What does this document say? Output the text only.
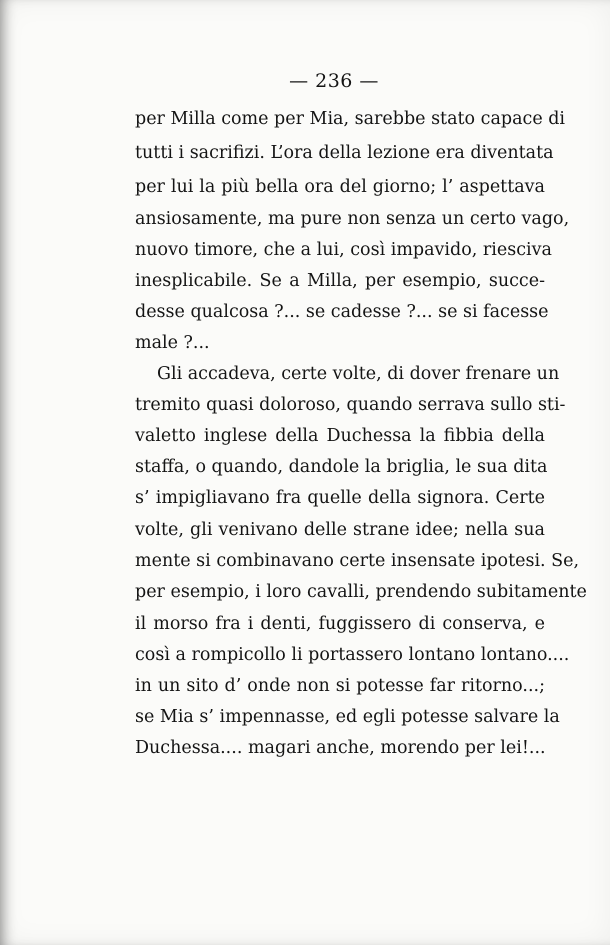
— 236 —
per Milla come per Mia, sarebbe stato capace di
tutti i sacrifizi. L’ora della lezione era diventata
per lui la più bella ora del giorno; l’ aspettava
ansiosamente, ma pure non senza un certo vago,
nuovo timore, che a lui, così impavido, riesciva
inesplicabile. Se a Milla, per esempio, succe-
desse qualcosa ?... se cadesse ?... se si facesse
male ?...
Gli accadeva, certe volte, di dover frenare un
tremito quasi doloroso, quando serrava sullo sti-
valetto inglese della Duchessa la fibbia della
staffa, o quando, dandole la briglia, le sua dita
s’ impigliavano fra quelle della signora. Certe
volte, gli venivano delle strane idee; nella sua
mente si combinavano certe insensate ipotesi. Se,
per esempio, i loro cavalli, prendendo subitamente
il morso fra i denti, fuggissero di conserva, e
così a rompicollo li portassero lontano lontano....
in un sito d’ onde non si potesse far ritorno...;
se Mia s’ impennasse, ed egli potesse salvare la
Duchessa.... magari anche, morendo per lei!...
